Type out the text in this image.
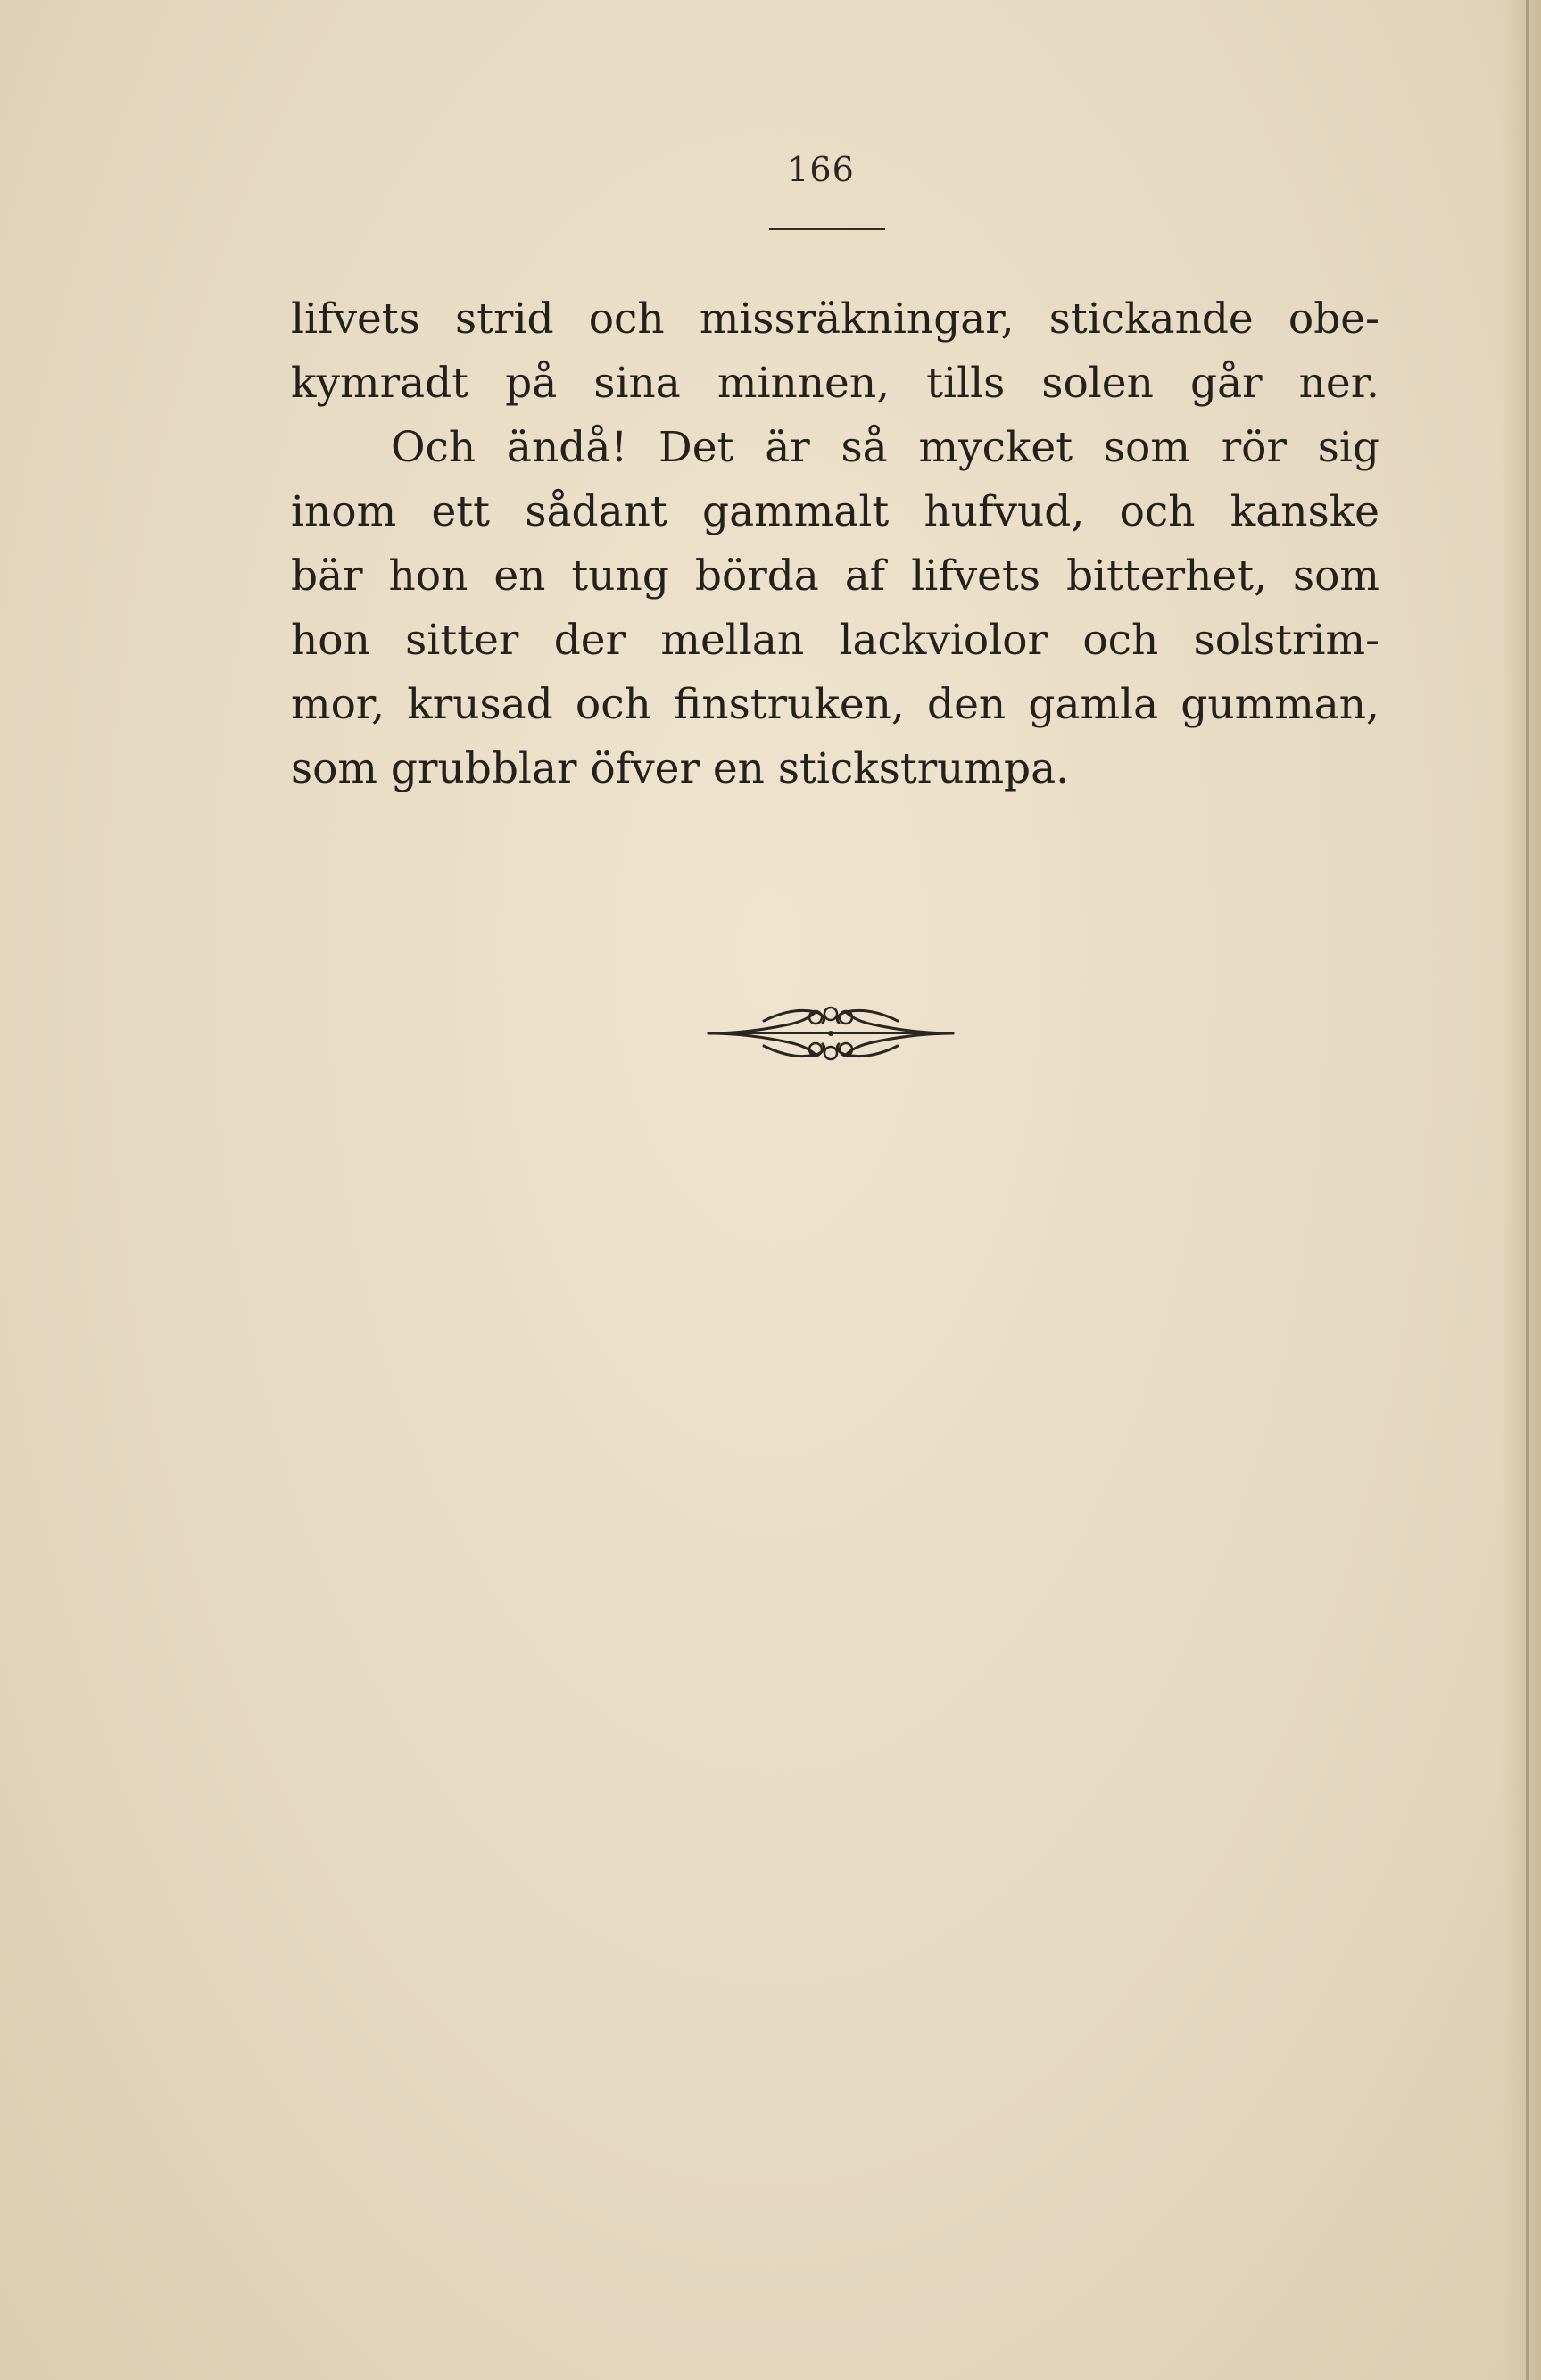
166
lifvets strid och missräkningar, stickande obe-
kymradt på sina minnen, tills solen går ner.
Och ändå! Det är så mycket som rör sig
inom ett sådant gammalt hufvud, och kanske
bär hon en tung börda af lifvets bitterhet, som
hon sitter der mellan lackviolor och solstrim-
mor, krusad och finstruken, den gamla gumman,
som grubblar öfver en stickstrumpa.
